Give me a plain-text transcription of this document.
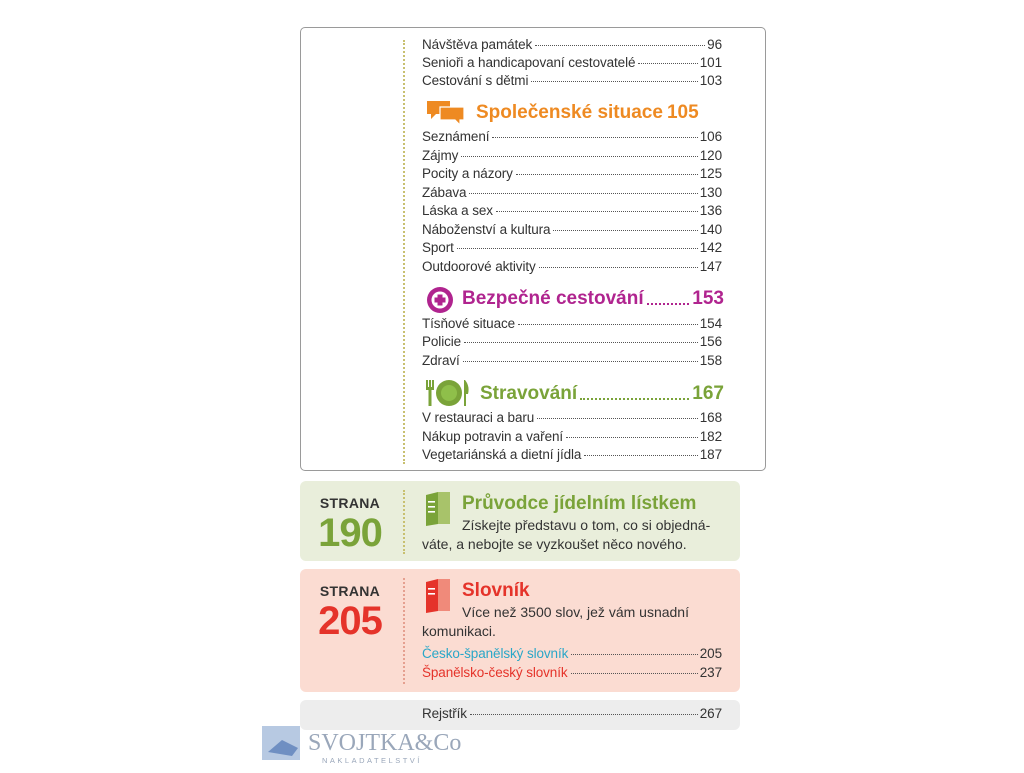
Návštěva památek	96
Senioři a handicapovaní cestovatelé	101
Cestování s dětmi	103
Společenské situace 105
Seznámení	106
Zájmy	120
Pocity a názory	125
Zábava	130
Láska a sex	136
Náboženství a kultura	140
Sport	142
Outdoorové aktivity	147
Bezpečné cestování	153
Tísňové situace	154
Policie	156
Zdraví	158
Stravování	167
V restauraci a baru	168
Nákup potravin a vaření	182
Vegetariánská a dietní jídla	187
STRANA
190
Průvodce jídelním lístkem
Získejte představu o tom, co si objedná-
váte, a nebojte se vyzkoušet něco nového.
STRANA
205
Slovník
Více než 3500 slov, jež vám usnadní
komunikaci.
Česko-španělský slovník	205
Španělsko-český slovník	237
Rejstřík	267
SVOJTKA&Co.
NAKLADATELSTVÍ
